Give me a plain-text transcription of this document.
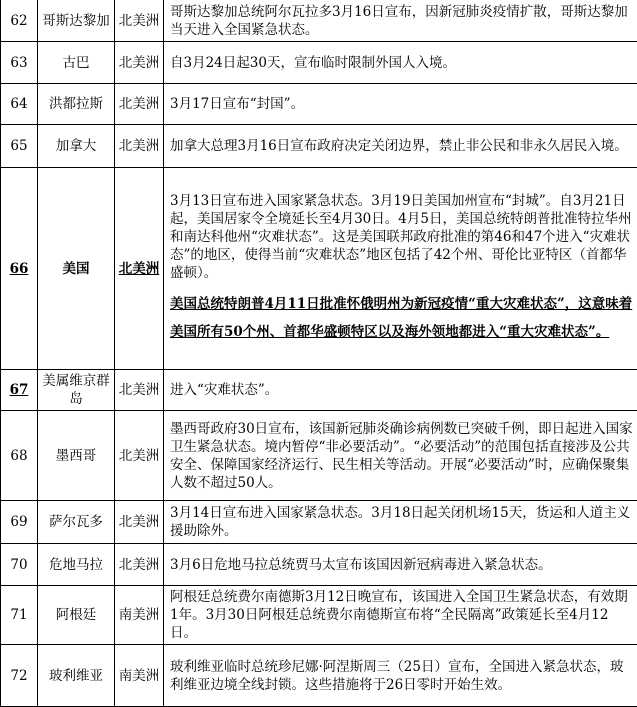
62	哥斯达黎加	北美洲	哥斯达黎加总统阿尔瓦拉多3月16日宣布，因新冠肺炎疫情扩散，哥斯达黎加当天进入全国紧急状态。
63	古巴	北美洲	自3月24日起30天，宣布临时限制外国人入境。
64	洪都拉斯	北美洲	3月17日宣布“封国”。
65	加拿大	北美洲	加拿大总理3月16日宣布政府决定关闭边界，禁止非公民和非永久居民入境。
66	美国	北美洲	3月13日宣布进入国家紧急状态。3月19日美国加州宣布“封城”。自3月21日起，美国居家令全境延长至4月30日。4月5日，美国总统特朗普批准特拉华州和南达科他州“灾难状态”。这是美国联邦政府批准的第46和47个进入“灾难状态”的地区，使得当前“灾难状态”地区包括了42个州、哥伦比亚特区（首都华盛顿）。
美国总统特朗普4月11日批准怀俄明州为新冠疫情“重大灾难状态”，这意味着美国所有50个州、首都华盛顿特区以及海外领地都进入“重大灾难状态”。

67	美属维京群岛	北美洲	进入“灾难状态”。
68	墨西哥	北美洲	墨西哥政府30日宣布，该国新冠肺炎确诊病例数已突破千例，即日起进入国家卫生紧急状态。境内暂停“非必要活动”。“必要活动”的范围包括直接涉及公共安全、保障国家经济运行、民生相关等活动。开展“必要活动”时，应确保聚集人数不超过50人。
69	萨尔瓦多	北美洲	3月14日宣布进入国家紧急状态。3月18日起关闭机场15天，货运和人道主义援助除外。
70	危地马拉	北美洲	3月6日危地马拉总统贾马太宣布该国因新冠病毒进入紧急状态。
71	阿根廷	南美洲	阿根廷总统费尔南德斯3月12日晚宣布，该国进入全国卫生紧急状态，有效期1年。3月30日阿根廷总统费尔南德斯宣布将“全民隔离”政策延长至4月12日。
72	玻利维亚	南美洲	玻利维亚临时总统珍尼娜·阿涅斯周三（25日）宣布，全国进入紧急状态，玻利维亚边境全线封锁。这些措施将于26日零时开始生效。
